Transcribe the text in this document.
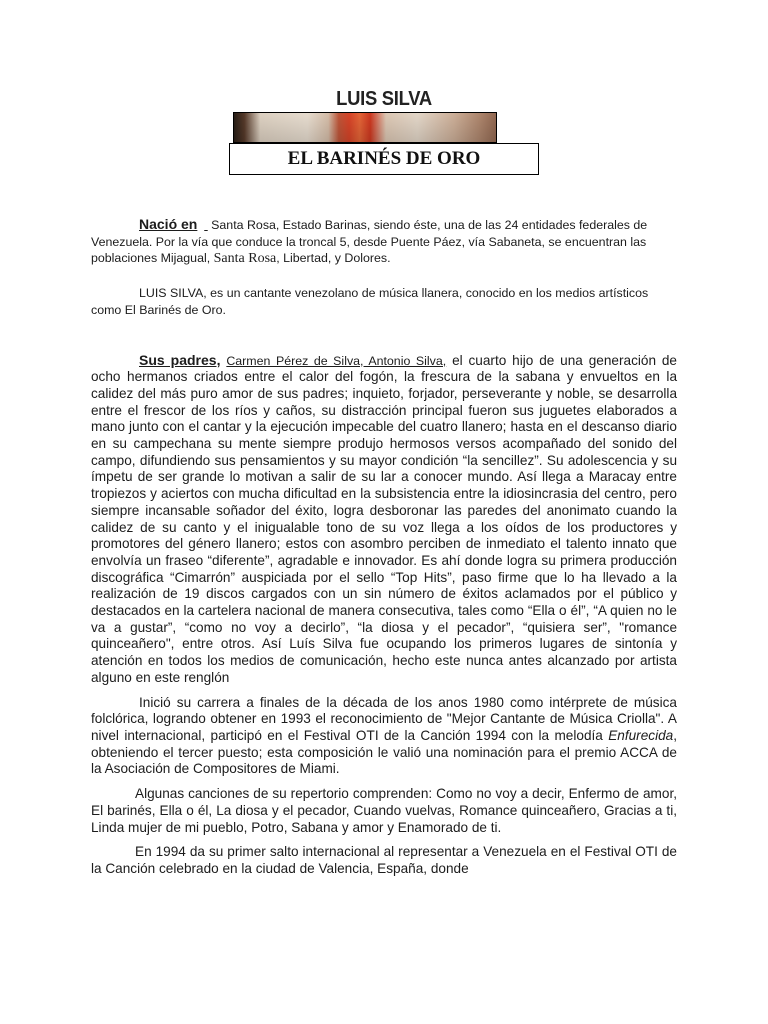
LUIS SILVA
EL BARINÉS DE ORO

Nació en Santa Rosa, Estado Barinas, siendo éste, una de las 24 entidades federales de Venezuela. Por la vía que conduce la troncal 5, desde Puente Páez, vía Sabaneta, se encuentran las poblaciones Mijagual, Santa Rosa, Libertad, y Dolores.

LUIS SILVA, es un cantante venezolano de música llanera, conocido en los medios artísticos como El Barinés de Oro.

Sus padres, Carmen Pérez de Silva, Antonio Silva, el cuarto hijo de una generación de ocho hermanos criados entre el calor del fogón, la frescura de la sabana y envueltos en la calidez del más puro amor de sus padres; inquieto, forjador, perseverante y noble, se desarrolla entre el frescor de los ríos y caños, su distracción principal fueron sus juguetes elaborados a mano junto con el cantar y la ejecución impecable del cuatro llanero; hasta en el descanso diario en su campechana su mente siempre produjo hermosos versos acompañado del sonido del campo, difundiendo sus pensamientos y su mayor condición “la sencillez”. Su adolescencia y su ímpetu de ser grande lo motivan a salir de su lar a conocer mundo. Así llega a Maracay entre tropiezos y aciertos con mucha dificultad en la subsistencia entre la idiosincrasia del centro, pero siempre incansable soñador del éxito, logra desboronar las paredes del anonimato cuando la calidez de su canto y el inigualable tono de su voz llega a los oídos de los productores y promotores del género llanero; estos con asombro perciben de inmediato el talento innato que envolvía un fraseo “diferente”, agradable e innovador. Es ahí donde logra su primera producción discográfica “Cimarrón” auspiciada por el sello “Top Hits”, paso firme que lo ha llevado a la realización de 19 discos cargados con un sin número de éxitos aclamados por el público y destacados en la cartelera nacional de manera consecutiva, tales como “Ella o él”, “A quien no le va a gustar”, “como no voy a decirlo”, “la diosa y el pecador”, “quisiera ser”, "romance quinceañero", entre otros. Así Luís Silva fue ocupando los primeros lugares de sintonía y atención en todos los medios de comunicación, hecho este nunca antes alcanzado por artista alguno en este renglón

Inició su carrera a finales de la década de los anos 1980 como intérprete de música folclórica, logrando obtener en 1993 el reconocimiento de "Mejor Cantante de Música Criolla". A nivel internacional, participó en el Festival OTI de la Canción 1994 con la melodía Enfurecida, obteniendo el tercer puesto; esta composición le valió una nominación para el premio ACCA de la Asociación de Compositores de Miami.

Algunas canciones de su repertorio comprenden: Como no voy a decir, Enfermo de amor, El barinés, Ella o él, La diosa y el pecador, Cuando vuelvas, Romance quinceañero, Gracias a ti, Linda mujer de mi pueblo, Potro, Sabana y amor y Enamorado de ti.

En 1994 da su primer salto internacional al representar a Venezuela en el Festival OTI de la Canción celebrado en la ciudad de Valencia, España, donde
